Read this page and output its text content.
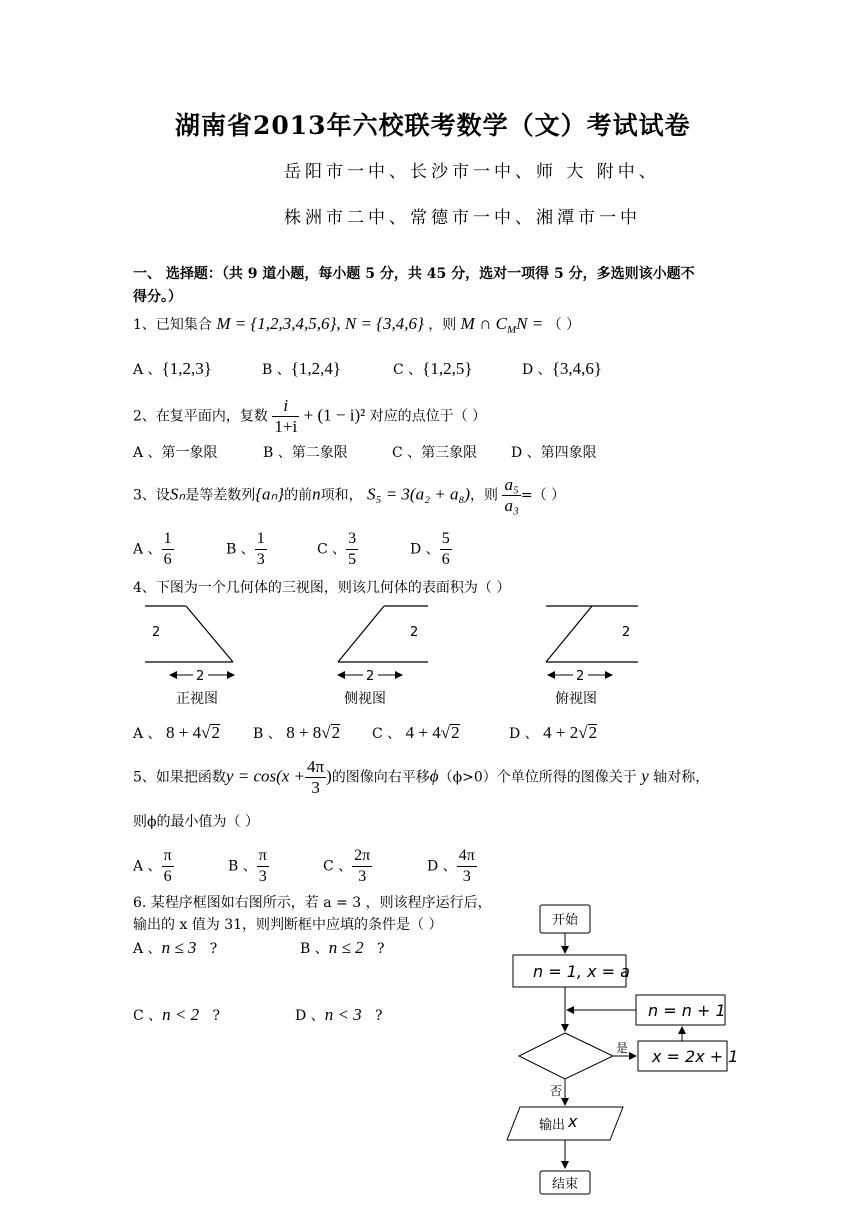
湖南省2013年六校联考数学（文）考试试卷
岳阳市一中、长沙市一中、师 大 附中、
株洲市二中、常德市一中、湘潭市一中
一、 选择题：（共 9 道小题，每小题 5 分，共 45 分，选对一项得 5 分，多选则该小题不
得分。）
1、已知集合 M = {1,2,3,4,5,6}, N = {3,4,6} ，则 M ∩ $C_MN$ = （ ）
A 、{1,2,3}	B 、{1,2,4}	C 、{1,2,5}	D 、{3,4,6}
2、在复平面内，复数 $\frac{i}{1+i} + (1 - i)^2$ 对应的点位于（ ）
A 、第一象限	B 、第二象限	C 、第三象限 D 、第四象限
3、设Sₙ是等差数列{aₙ}的前n项和， S₅ = 3(a₂ + a₈)，则 $\frac{\text{a₅}}{\text{a₃}}$ =（ ）
A 、 $\frac{1}{6}$	B 、 $\frac{1}{3}$	C 、 $\frac{3}{5}$	D 、 $\frac{5}{6}$
4、下图为一个几何体的三视图，则该几何体的表面积为（ ）
2
2
正视图
2
2
侧视图
2
2
俯视图
A 、 8 + 4√2 B 、 8 + 8√2 C 、 4 + 4√2	D 、 4 + 2√2
5、如果把函数$y = \cos(x + \frac{4\pi}{3}$ )的图像向右平移ϕ（ϕ>0）个单位所得的图像关于 y 轴对称，
则ϕ的最小值为（ ）
A 、 $\frac{\pi}{6}$	B 、 $\frac{\pi}{3}$	C 、 $\frac{2\pi}{3}$	D 、 $\frac{4\pi}{3}$
6. 某程序框图如右图所示，若 a = 3 ，则该程序运行后，
输出的 x 值为 31，则判断框中应填的条件是（ ）
A 、n ≤ 3 ?	B 、n ≤ 2 ?
C 、n < 2 ?	D 、n < 3 ?
开始
n = 1, x = a
n = n + 1
是 x = 2x + 1
否
输出 x
结束
